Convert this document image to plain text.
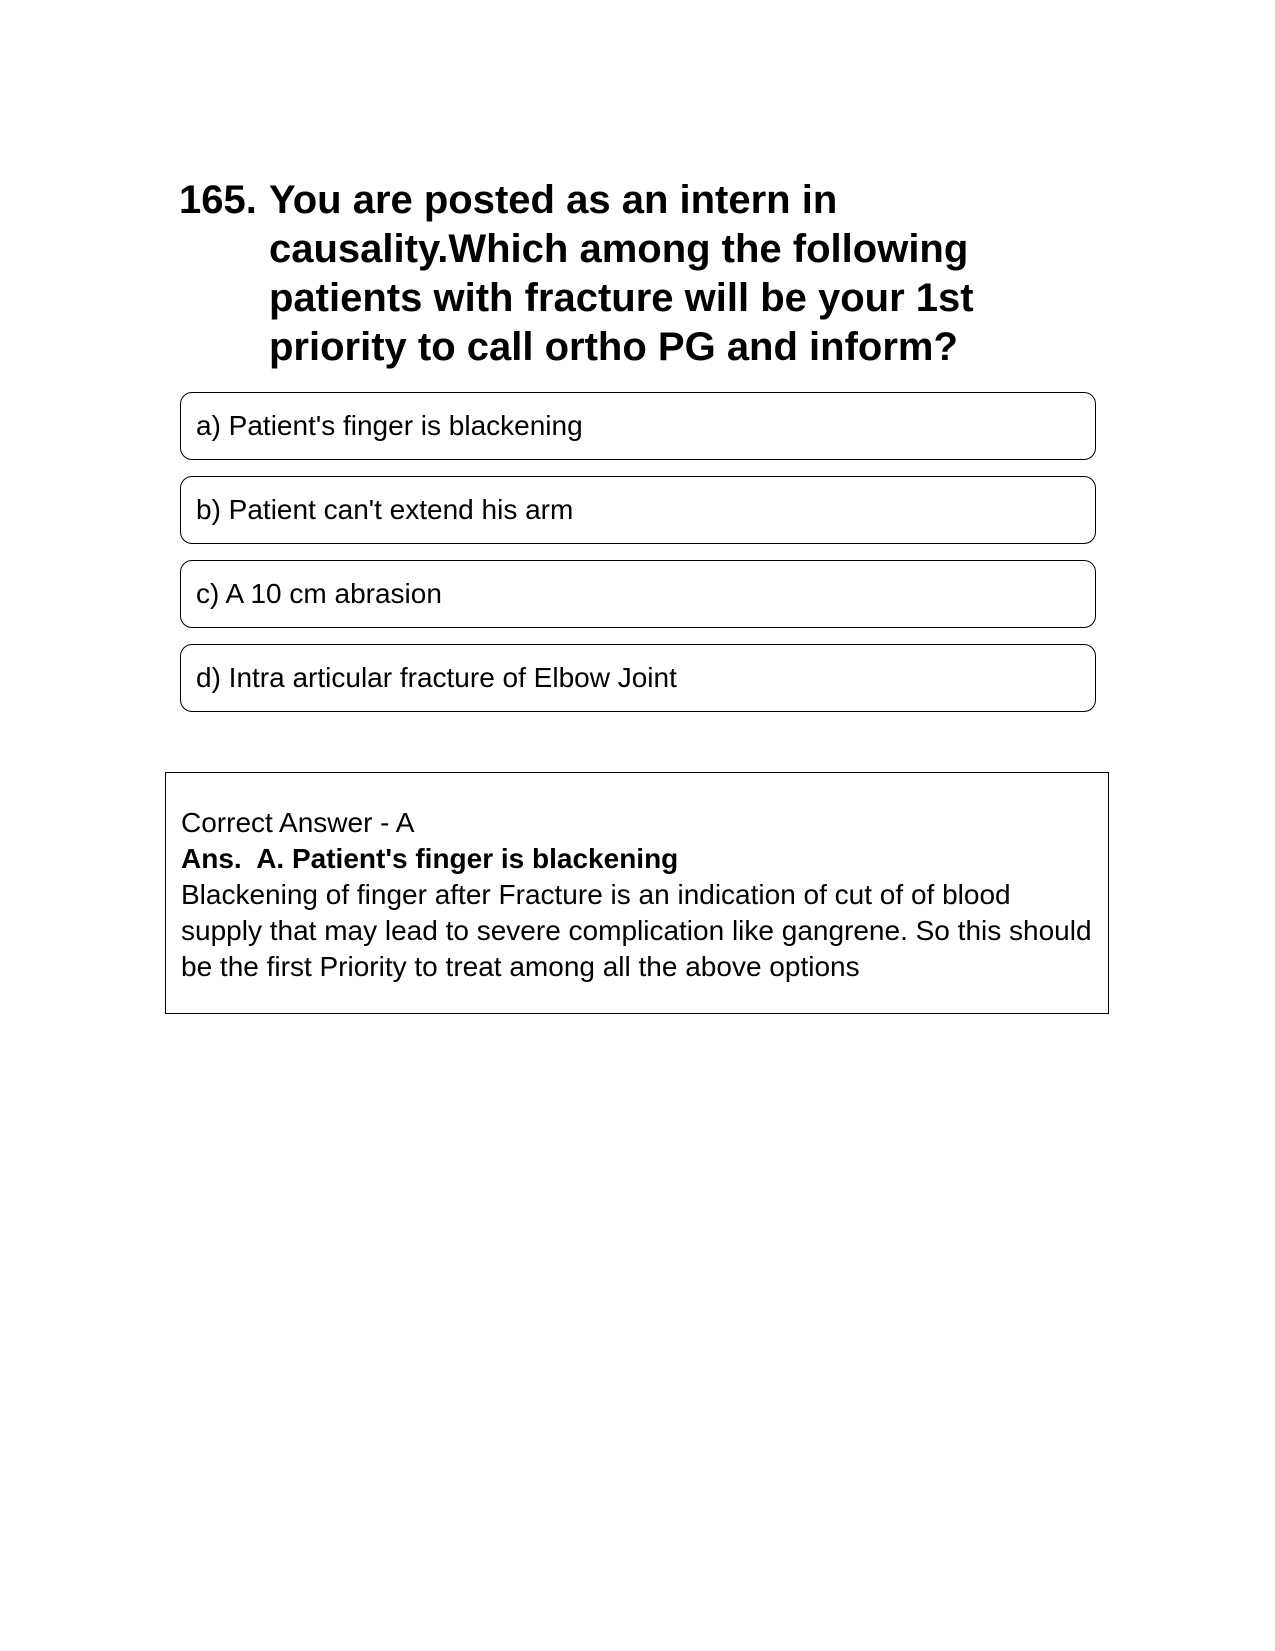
165. You are posted as an intern in causality.Which among the following patients with fracture will be your 1st priority to call ortho PG and inform?
a) Patient's finger is blackening
b) Patient can't extend his arm
c) A 10 cm abrasion
d) Intra articular fracture of Elbow Joint
Correct Answer - A
Ans.  A. Patient's finger is blackening
Blackening of finger after Fracture is an indication of cut of of blood supply that may lead to severe complication like gangrene. So this should be the first Priority to treat among all the above options
